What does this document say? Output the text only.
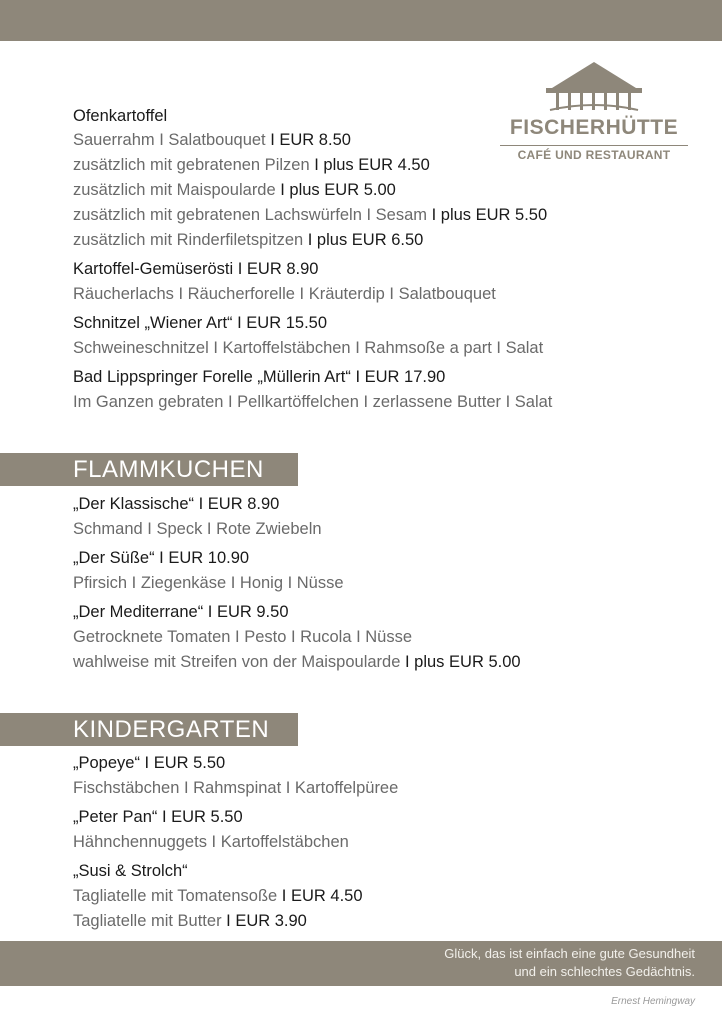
FISCHERHÜTTE
CAFÉ UND RESTAURANT
Ofenkartoffel
Sauerrahm I Salatbouquet I EUR 8.50
zusätzlich mit gebratenen Pilzen I plus EUR 4.50
zusätzlich mit Maispoularde I plus EUR 5.00
zusätzlich mit gebratenen Lachswürfeln I Sesam I plus EUR 5.50
zusätzlich mit Rinderfiletspitzen I plus EUR 6.50
Kartoffel-Gemüserösti I EUR 8.90
Räucherlachs I Räucherforelle I Kräuterdip I Salatbouquet
Schnitzel „Wiener Art“ I EUR 15.50
Schweineschnitzel I Kartoffelstäbchen I Rahmsoße a part I Salat
Bad Lippspringer Forelle „Müllerin Art“ I EUR 17.90
Im Ganzen gebraten I Pellkartöffelchen I zerlassene Butter I Salat
FLAMMKUCHEN
„Der Klassische“ I EUR 8.90
Schmand I Speck I Rote Zwiebeln
„Der Süße“ I EUR 10.90
Pfirsich I Ziegenkäse I Honig I Nüsse
„Der Mediterrane“ I EUR 9.50
Getrocknete Tomaten I Pesto I Rucola I Nüsse
wahlweise mit Streifen von der Maispoularde I plus EUR 5.00
KINDERGARTEN
„Popeye“ I EUR 5.50
Fischstäbchen I Rahmspinat I Kartoffelpüree
„Peter Pan“ I EUR 5.50
Hähnchennuggets I Kartoffelstäbchen
„Susi & Strolch“
Tagliatelle mit Tomatensoße I EUR 4.50
Tagliatelle mit Butter I EUR 3.90
Glück, das ist einfach eine gute Gesundheit
und ein schlechtes Gedächtnis.
Ernest Hemingway
